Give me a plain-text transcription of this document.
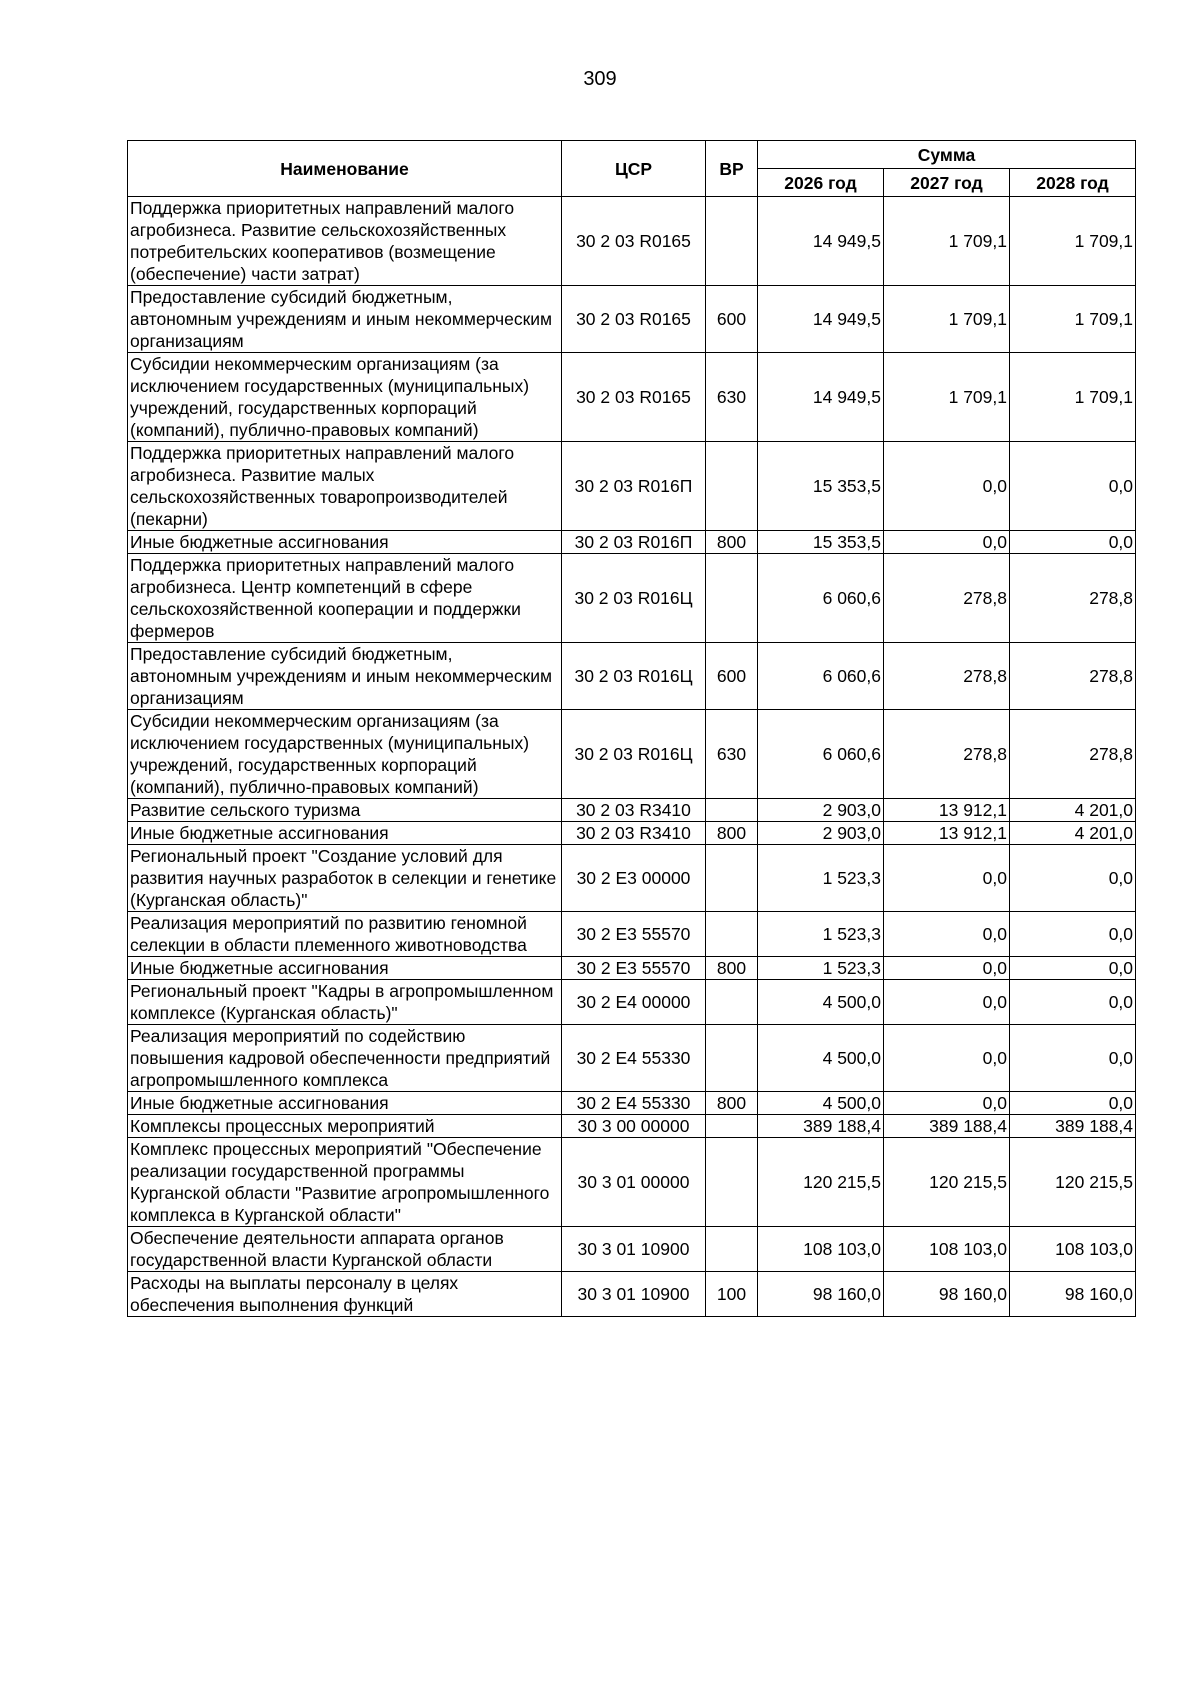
309
Наименование	ЦСР	ВР	Сумма		
			2026 год	2027 год	2028 год
Поддержка приоритетных направлений малого агробизнеса. Развитие сельскохозяйственных потребительских кооперативов (возмещение (обеспечение) части затрат)	30 2 03 R0165		14 949,5	1 709,1	1 709,1
Предоставление субсидий бюджетным, автономным учреждениям и иным некоммерческим организациям	30 2 03 R0165	600	14 949,5	1 709,1	1 709,1
Субсидии некоммерческим организациям (за исключением государственных (муниципальных) учреждений, государственных корпораций (компаний), публично-правовых компаний)	30 2 03 R0165	630	14 949,5	1 709,1	1 709,1
Поддержка приоритетных направлений малого агробизнеса. Развитие малых сельскохозяйственных товаропроизводителей (пекарни)	30 2 03 R016П		15 353,5	0,0	0,0
Иные бюджетные ассигнования	30 2 03 R016П	800	15 353,5	0,0	0,0
Поддержка приоритетных направлений малого агробизнеса. Центр компетенций в сфере сельскохозяйственной кооперации и поддержки фермеров	30 2 03 R016Ц		6 060,6	278,8	278,8
Предоставление субсидий бюджетным, автономным учреждениям и иным некоммерческим организациям	30 2 03 R016Ц	600	6 060,6	278,8	278,8
Субсидии некоммерческим организациям (за исключением государственных (муниципальных) учреждений, государственных корпораций (компаний), публично-правовых компаний)	30 2 03 R016Ц	630	6 060,6	278,8	278,8
Развитие сельского туризма	30 2 03 R3410		2 903,0	13 912,1	4 201,0
Иные бюджетные ассигнования	30 2 03 R3410	800	2 903,0	13 912,1	4 201,0
Региональный проект "Создание условий для развития научных разработок в селекции и генетике (Курганская область)"	30 2 Е3 00000		1 523,3	0,0	0,0
Реализация мероприятий по развитию геномной селекции в области племенного животноводства	30 2 Е3 55570		1 523,3	0,0	0,0
Иные бюджетные ассигнования	30 2 Е3 55570	800	1 523,3	0,0	0,0
Региональный проект "Кадры в агропромышленном комплексе (Курганская область)"	30 2 Е4 00000		4 500,0	0,0	0,0
Реализация мероприятий по содействию повышения кадровой обеспеченности предприятий агропромышленного комплекса	30 2 Е4 55330		4 500,0	0,0	0,0
Иные бюджетные ассигнования	30 2 Е4 55330	800	4 500,0	0,0	0,0
Комплексы процессных мероприятий	30 3 00 00000		389 188,4	389 188,4	389 188,4
Комплекс процессных мероприятий "Обеспечение реализации государственной программы Курганской области "Развитие агропромышленного комплекса в Курганской области"	30 3 01 00000		120 215,5	120 215,5	120 215,5
Обеспечение деятельности аппарата органов государственной власти Курганской области	30 3 01 10900		108 103,0	108 103,0	108 103,0
Расходы на выплаты персоналу в целях обеспечения выполнения функций	30 3 01 10900	100	98 160,0	98 160,0	98 160,0
